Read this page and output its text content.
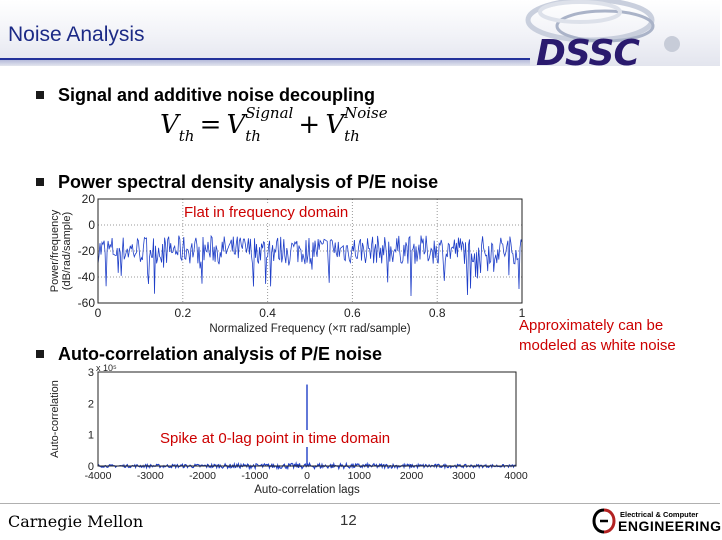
Noise Analysis	DSSC
Signal and additive noise decoupling
Vth = V Signal
th	+ V Noise
th
Power spectral density analysis of P/E noise
0	0.2	0.4	0.6	0.8	1
20
0
-20
-40
-60
Normalized Frequency (×π rad/sample)
Power/frequency(dB/rad/sample)	Flat in frequency domain
Auto-correlation analysis of P/E noise
-4000 -3000 -2000 -1000	0	1000	2000	3000	4000
3
2
1
0
x 10⁵
Auto-correlation lags
Auto-correlation	Spike at 0-lag point in time domain
Approximately can be modeled as white noise
Carnegie Mellon	12	Electrical & Computer
ENGINEERING
